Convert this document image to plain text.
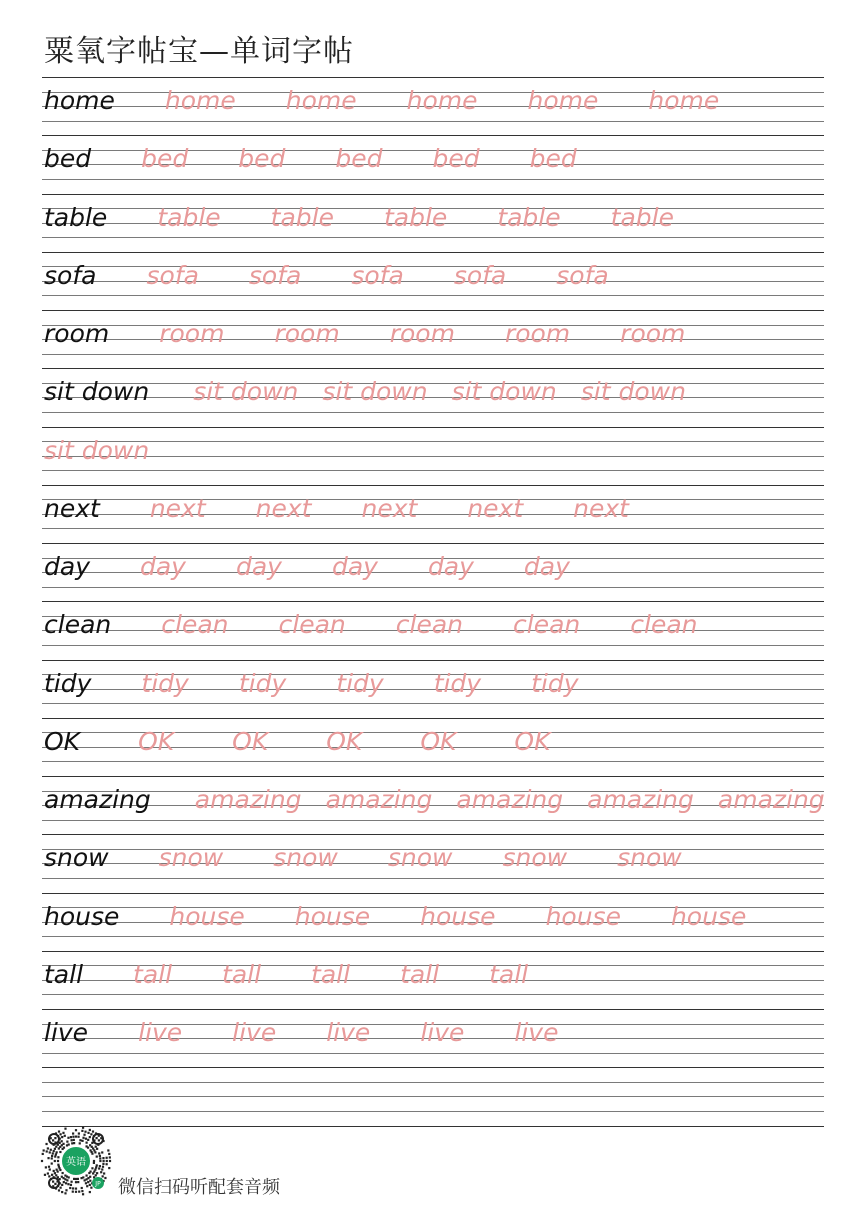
粟氧字帖宝—单词字帖
home home home home home home
bed bed bed bed bed bed
table table table table table table
sofa sofa sofa sofa sofa sofa
room room room room room room
sit down sit down sit down sit down sit down
sit down
next next next next next next
day day day day day day
clean clean clean clean clean clean
tidy tidy tidy tidy tidy tidy
OK OK OK OK OK OK
amazing amazing amazing amazing amazing amazing
snow snow snow snow snow snow
house house house house house house
tall tall tall tall tall tall
live live live live live live
英语
JP 微信扫码听配套音频
